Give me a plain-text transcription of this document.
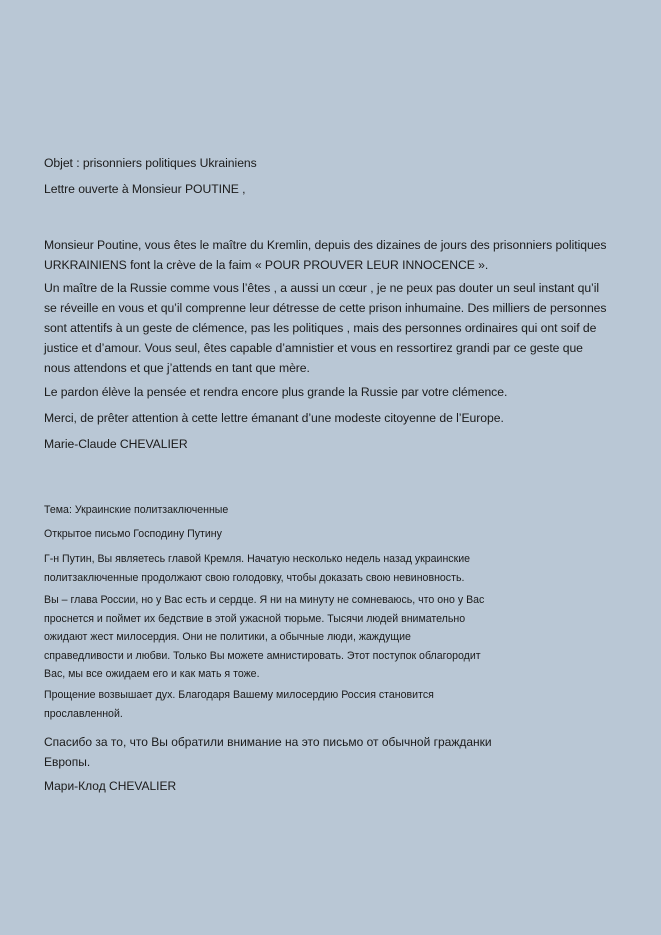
Objet : prisonniers politiques Ukrainiens

Lettre ouverte à Monsieur POUTINE ,

Monsieur Poutine, vous êtes le maître du Kremlin, depuis des dizaines de jours des prisonniers politiques
URKRAINIENS font la crève de la faim « POUR PROUVER LEUR INNOCENCE ».

Un maître de la Russie comme vous l’êtes , a aussi un cœur , je ne peux pas douter un seul instant qu’il
se réveille en vous et qu’il comprenne leur détresse de cette prison inhumaine. Des milliers de personnes
sont attentifs à un geste de clémence, pas les politiques , mais des personnes ordinaires qui ont soif de
justice et d’amour. Vous seul, êtes capable d’amnistier et vous en ressortirez grandi par ce geste que
nous attendons et que j’attends en tant que mère.

Le pardon élève la pensée et rendra encore plus grande la Russie par votre clémence.

Merci, de prêter attention à cette lettre émanant d’une modeste citoyenne de l’Europe.

Marie-Claude CHEVALIER

Тема: Украинские политзаключенные

Открытое письмо Господину Путину

Г-н Путин, Вы являетесь главой Кремля. Начатую несколько недель назад украинские
политзаключенные продолжают свою голодовку, чтобы доказать свою невиновность.

Вы – глава России, но у Вас есть и сердце. Я ни на минуту не сомневаюсь, что оно у Вас
проснется и поймет их бедствие в этой ужасной тюрьме. Тысячи людей внимательно
ожидают жест милосердия. Они не политики, а обычные люди, жаждущие
справедливости и любви. Только Вы можете амнистировать. Этот поступок облагородит
Вас, мы все ожидаем его и как мать я тоже.

Прощение возвышает дух. Благодаря Вашему милосердию Россия становится
прославленной.

Спасибо за то, что Вы обратили внимание на это письмо от обычной гражданки
Европы.

Мари-Клод CHEVALIER
